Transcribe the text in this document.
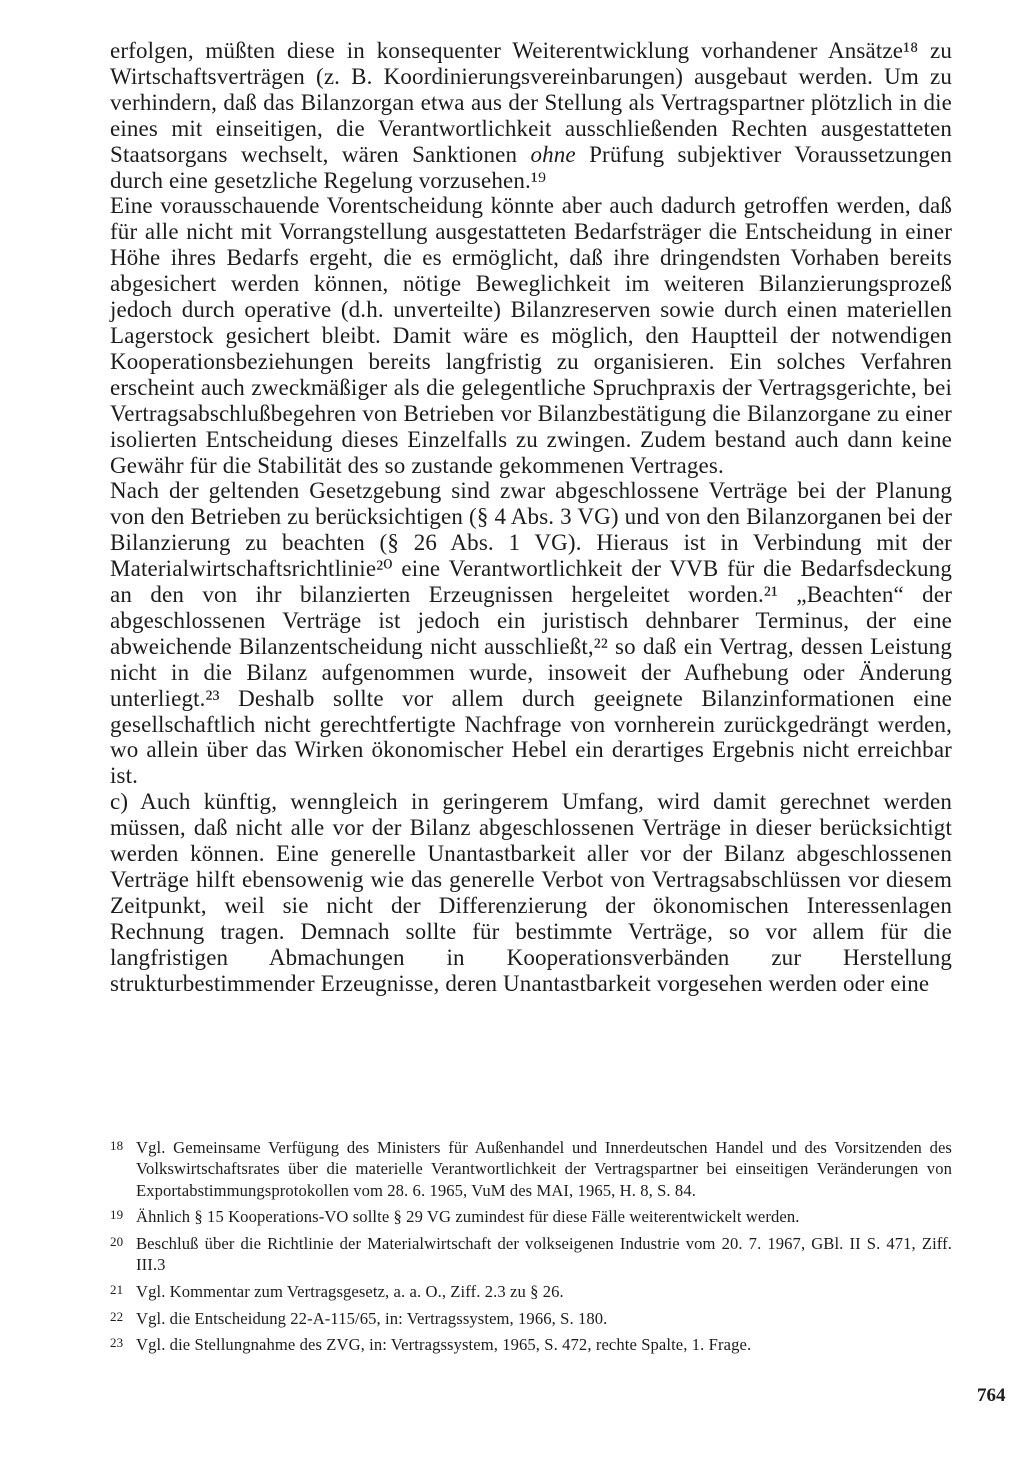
erfolgen, müßten diese in konsequenter Weiterentwicklung vorhandener Ansätze¹⁸ zu Wirtschaftsverträgen (z. B. Koordinierungsvereinbarungen) ausgebaut werden. Um zu verhindern, daß das Bilanzorgan etwa aus der Stellung als Vertragspartner plötzlich in die eines mit einseitigen, die Verantwortlichkeit ausschließenden Rechten ausgestatteten Staatsorgans wechselt, wären Sanktionen ohne Prüfung subjektiver Voraussetzungen durch eine gesetzliche Regelung vorzusehen.¹⁹

Eine vorausschauende Vorentscheidung könnte aber auch dadurch getroffen werden, daß für alle nicht mit Vorrangstellung ausgestatteten Bedarfsträger die Entscheidung in einer Höhe ihres Bedarfs ergeht, die es ermöglicht, daß ihre dringendsten Vorhaben bereits abgesichert werden können, nötige Beweglichkeit im weiteren Bilanzierungsprozeß jedoch durch operative (d.h. unverteilte) Bilanzreserven sowie durch einen materiellen Lagerstock gesichert bleibt. Damit wäre es möglich, den Hauptteil der notwendigen Kooperationsbeziehungen bereits langfristig zu organisieren. Ein solches Verfahren erscheint auch zweckmäßiger als die gelegentliche Spruchpraxis der Vertragsgerichte, bei Vertragsabschlußbegehren von Betrieben vor Bilanzbestätigung die Bilanzorgane zu einer isolierten Entscheidung dieses Einzelfalls zu zwingen. Zudem bestand auch dann keine Gewähr für die Stabilität des so zustande gekommenen Vertrages.

Nach der geltenden Gesetzgebung sind zwar abgeschlossene Verträge bei der Planung von den Betrieben zu berücksichtigen (§ 4 Abs. 3 VG) und von den Bilanzorganen bei der Bilanzierung zu beachten (§ 26 Abs. 1 VG). Hieraus ist in Verbindung mit der Materialwirtschaftsrichtlinie²⁰ eine Verantwortlichkeit der VVB für die Bedarfsdeckung an den von ihr bilanzierten Erzeugnissen hergeleitet worden.²¹ „Beachten“ der abgeschlossenen Verträge ist jedoch ein juristisch dehnbarer Terminus, der eine abweichende Bilanzentscheidung nicht ausschließt,²² so daß ein Vertrag, dessen Leistung nicht in die Bilanz aufgenommen wurde, insoweit der Aufhebung oder Änderung unterliegt.²³ Deshalb sollte vor allem durch geeignete Bilanzinformationen eine gesellschaftlich nicht gerechtfertigte Nachfrage von vornherein zurückgedrängt werden, wo allein über das Wirken ökonomischer Hebel ein derartiges Ergebnis nicht erreichbar ist.

c) Auch künftig, wenngleich in geringerem Umfang, wird damit gerechnet werden müssen, daß nicht alle vor der Bilanz abgeschlossenen Verträge in dieser berücksichtigt werden können. Eine generelle Unantastbarkeit aller vor der Bilanz abgeschlossenen Verträge hilft ebensowenig wie das generelle Verbot von Vertragsabschlüssen vor diesem Zeitpunkt, weil sie nicht der Differenzierung der ökonomischen Interessenlagen Rechnung tragen. Demnach sollte für bestimmte Verträge, so vor allem für die langfristigen Abmachungen in Kooperationsverbänden zur Herstellung strukturbestimmender Erzeugnisse, deren Unantastbarkeit vorgesehen werden oder eine

18 Vgl. Gemeinsame Verfügung des Ministers für Außenhandel und Innerdeutschen Handel und des Vorsitzenden des Volkswirtschaftsrates über die materielle Verantwortlichkeit der Vertragspartner bei einseitigen Veränderungen von Exportabstimmungsprotokollen vom 28. 6. 1965, VuM des MAI, 1965, H. 8, S. 84.
19 Ähnlich § 15 Kooperations-VO sollte § 29 VG zumindest für diese Fälle weiterentwickelt werden.
20 Beschluß über die Richtlinie der Materialwirtschaft der volkseigenen Industrie vom 20. 7. 1967, GBl. II S. 471, Ziff. III.3
21 Vgl. Kommentar zum Vertragsgesetz, a. a. O., Ziff. 2.3 zu § 26.
22 Vgl. die Entscheidung 22-A-115/65, in: Vertragssystem, 1966, S. 180.
23 Vgl. die Stellungnahme des ZVG, in: Vertragssystem, 1965, S. 472, rechte Spalte, 1. Frage.
764
